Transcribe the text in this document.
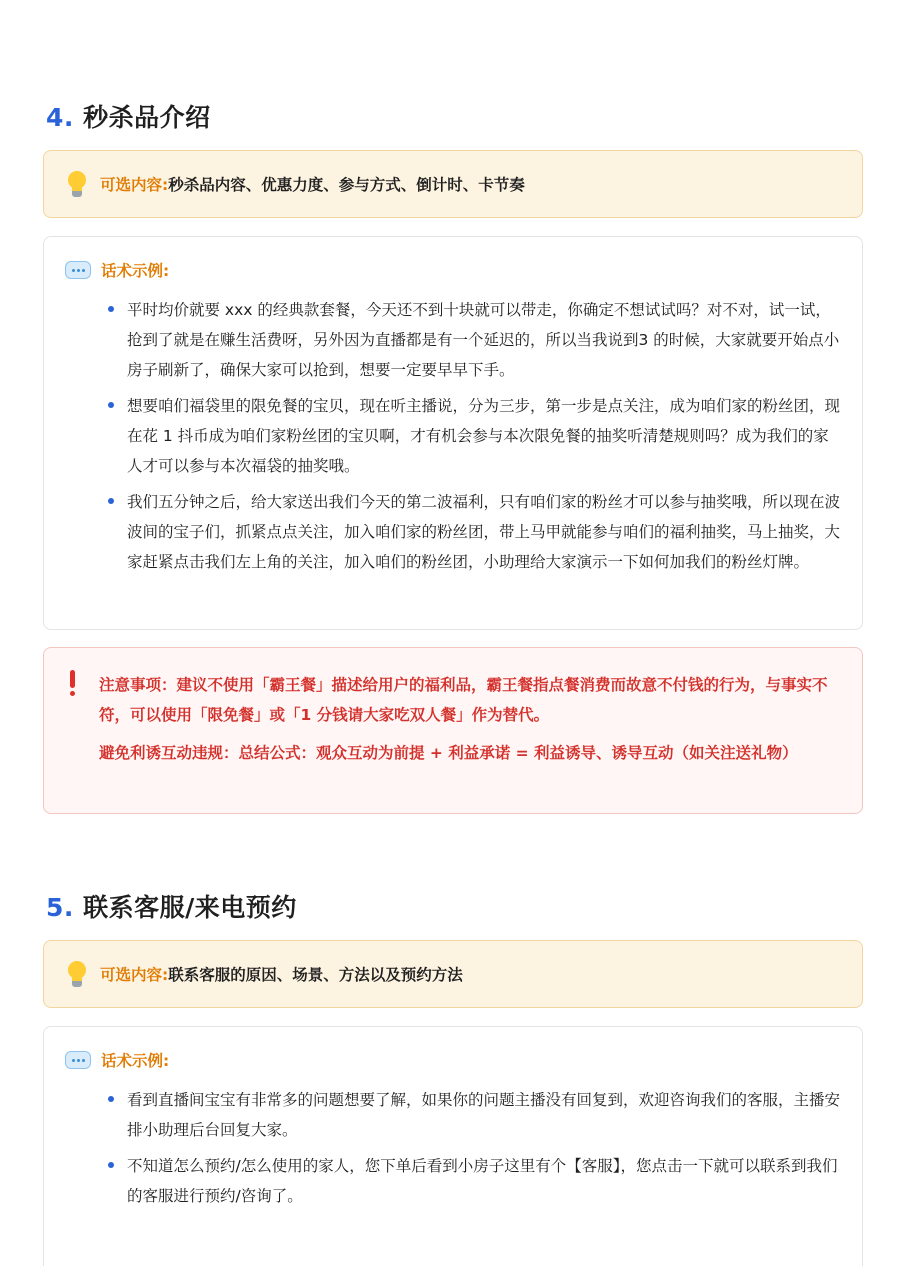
4. 秒杀品介绍
可选内容: 秒杀品内容、优惠力度、参与方式、倒计时、卡节奏
话术示例:
平时均价就要 xxx 的经典款套餐，今天还不到十块就可以带走，你确定不想试试吗？对不对，试一试，抢到了就是在赚生活费呀，另外因为直播都是有一个延迟的，所以当我说到3 的时候，大家就要开始点小房子刷新了，确保大家可以抢到，想要一定要早早下手。
想要咱们福袋里的限免餐的宝贝，现在听主播说，分为三步，第一步是点关注，成为咱们家的粉丝团，现在花 1 抖币成为咱们家粉丝团的宝贝啊，才有机会参与本次限免餐的抽奖听清楚规则吗？成为我们的家人才可以参与本次福袋的抽奖哦。
我们五分钟之后，给大家送出我们今天的第二波福利，只有咱们家的粉丝才可以参与抽奖哦，所以现在波波间的宝子们，抓紧点点关注，加入咱们家的粉丝团，带上马甲就能参与咱们的福利抽奖，马上抽奖，大家赶紧点击我们左上角的关注，加入咱们的粉丝团，小助理给大家演示一下如何加我们的粉丝灯牌。
注意事项：建议不使用「霸王餐」描述给用户的福利品，霸王餐指点餐消费而故意不付钱的行为，与事实不符，可以使用「限免餐」或「1 分钱请大家吃双人餐」作为替代。
避免利诱互动违规：总结公式：观众互动为前提 + 利益承诺 = 利益诱导、诱导互动（如关注送礼物）
5. 联系客服/来电预约
可选内容: 联系客服的原因、场景、方法以及预约方法
话术示例:
看到直播间宝宝有非常多的问题想要了解，如果你的问题主播没有回复到，欢迎咨询我们的客服，主播安排小助理后台回复大家。
不知道怎么预约/怎么使用的家人，您下单后看到小房子这里有个【客服】，您点击一下就可以联系到我们的客服进行预约/咨询了。
